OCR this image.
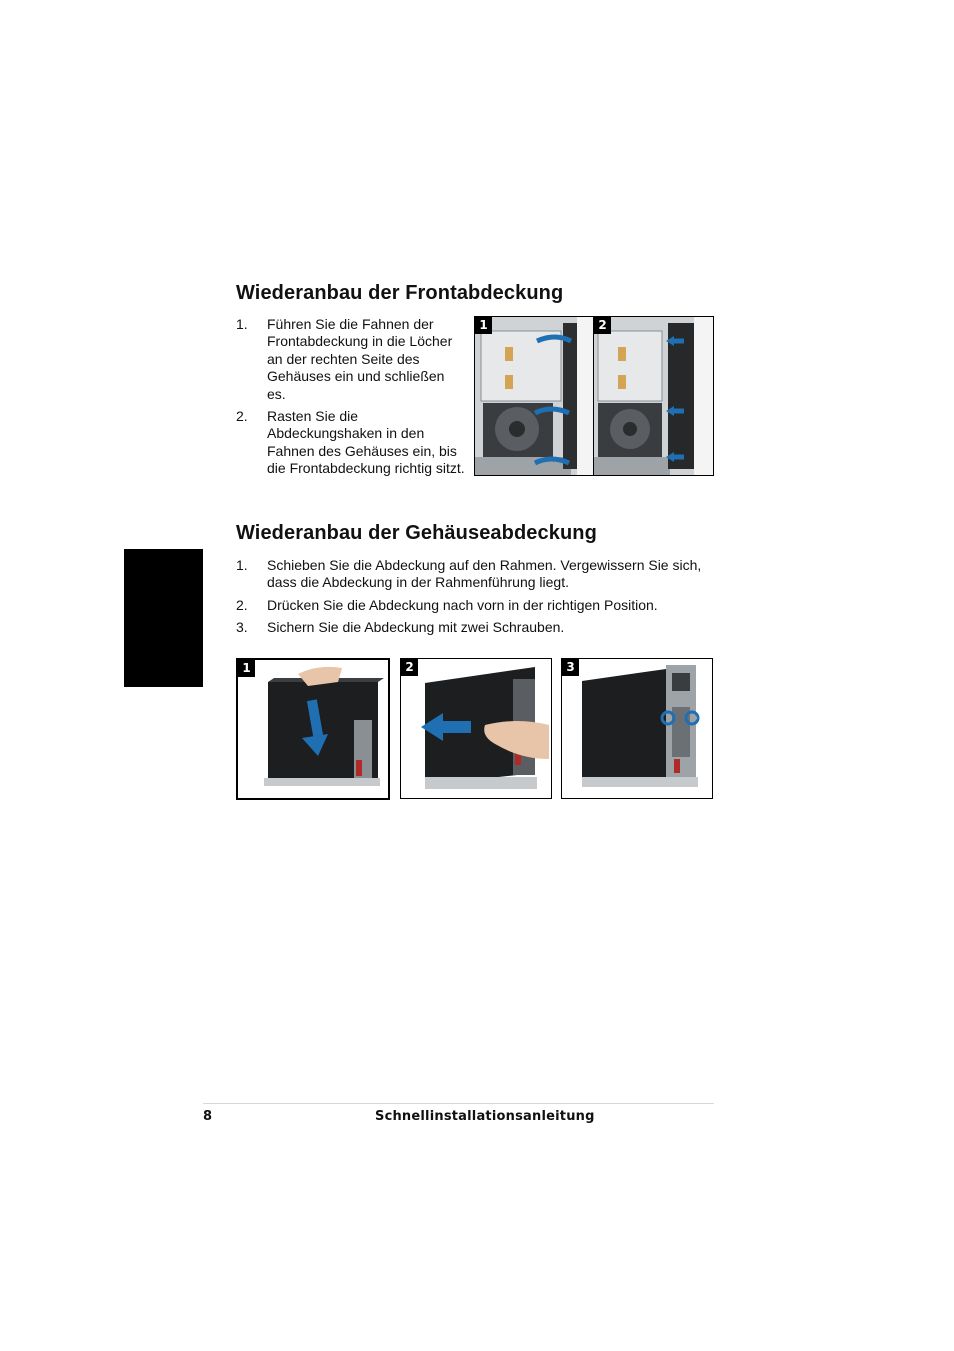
Wiederanbau der Frontabdeckung
1. Führen Sie die Fahnen der Frontabdeckung in die Löcher an der rechten Seite des Gehäuses ein und schließen es.
2. Rasten Sie die Abdeckungshaken in den Fahnen des Gehäuses ein, bis die Frontabdeckung richtig sitzt.
1	2
Wiederanbau der Gehäuseabdeckung
1. Schieben Sie die Abdeckung auf den Rahmen. Vergewissern Sie sich, dass die Abdeckung in der Rahmenführung liegt.
2. Drücken Sie die Abdeckung nach vorn in der richtigen Position.
3. Sichern Sie die Abdeckung mit zwei Schrauben.
1	2	3
8	Schnellinstallationsanleitung
